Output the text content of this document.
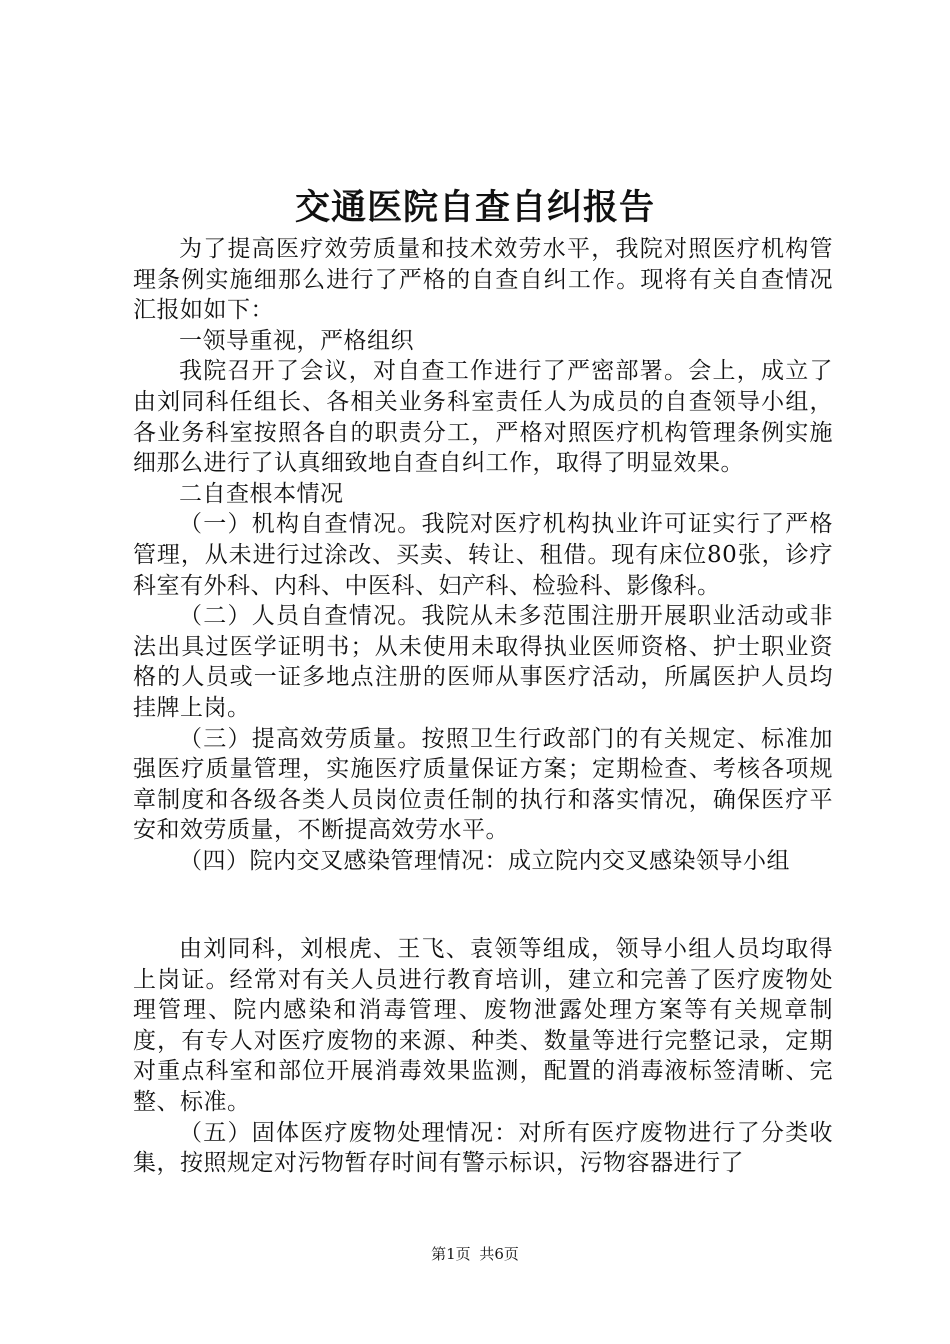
交通医院自查自纠报告

为了提高医疗效劳质量和技术效劳水平，我院对照医疗机构管理条例实施细那么进行了严格的自查自纠工作。现将有关自查情况汇报如如下：

一领导重视，严格组织

我院召开了会议，对自查工作进行了严密部署。会上，成立了由刘同科任组长、各相关业务科室责任人为成员的自查领导小组，各业务科室按照各自的职责分工，严格对照医疗机构管理条例实施细那么进行了认真细致地自查自纠工作，取得了明显效果。

二自查根本情况

（一）机构自查情况。我院对医疗机构执业许可证实行了严格管理，从未进行过涂改、买卖、转让、租借。现有床位80张，诊疗科室有外科、内科、中医科、妇产科、检验科、影像科。

（二）人员自查情况。我院从未多范围注册开展职业活动或非法出具过医学证明书；从未使用未取得执业医师资格、护士职业资格的人员或一证多地点注册的医师从事医疗活动，所属医护人员均挂牌上岗。

（三）提高效劳质量。按照卫生行政部门的有关规定、标准加强医疗质量管理，实施医疗质量保证方案；定期检查、考核各项规章制度和各级各类人员岗位责任制的执行和落实情况，确保医疗平安和效劳质量，不断提高效劳水平。

（四）院内交叉感染管理情况：成立院内交叉感染领导小组

由刘同科，刘根虎、王飞、袁领等组成，领导小组人员均取得上岗证。经常对有关人员进行教育培训，建立和完善了医疗废物处理管理、院内感染和消毒管理、废物泄露处理方案等有关规章制度，有专人对医疗废物的来源、种类、数量等进行完整记录，定期对重点科室和部位开展消毒效果监测，配置的消毒液标签清晰、完整、标准。

（五）固体医疗废物处理情况：对所有医疗废物进行了分类收集，按照规定对污物暂存时间有警示标识，污物容器进行了

第1页 共6页
